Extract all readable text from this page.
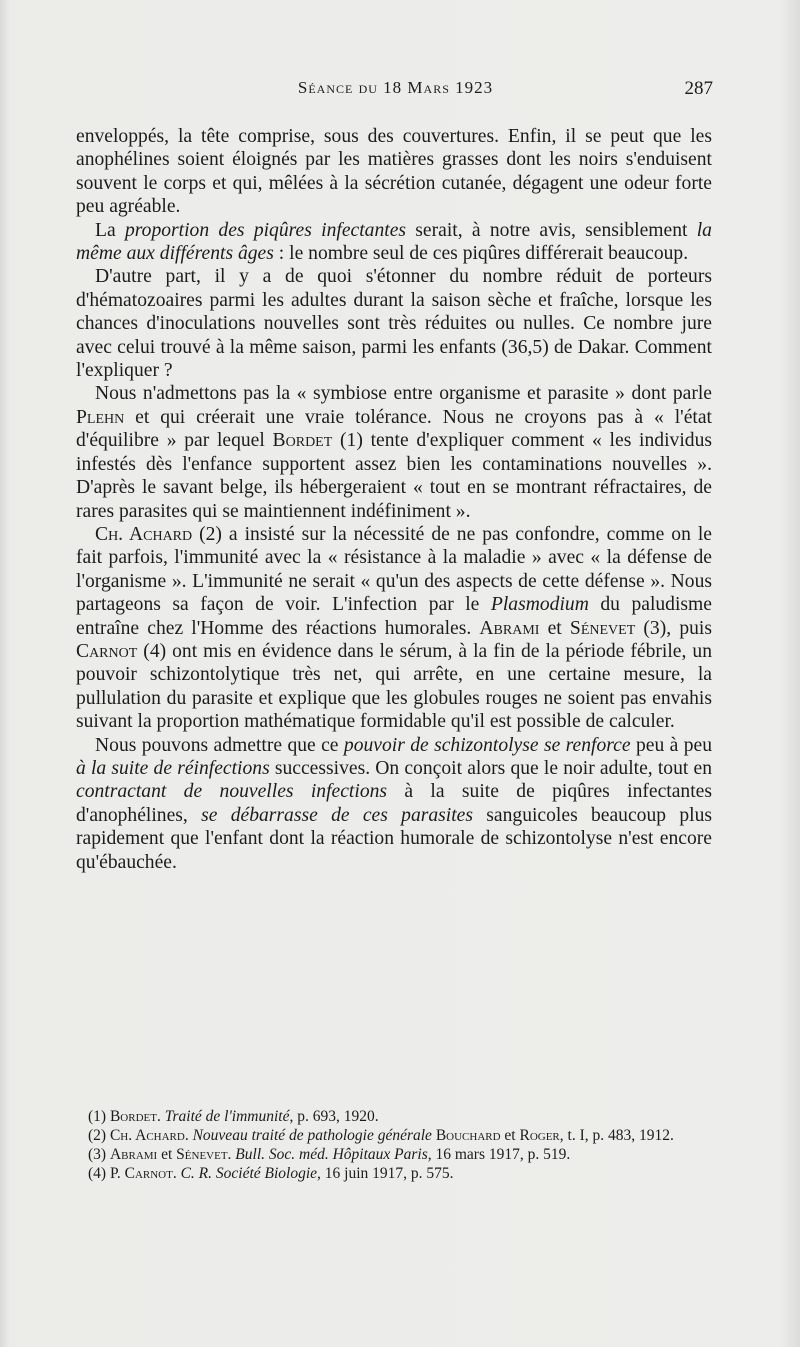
Séance du 18 Mars 1923	287

enveloppés, la tête comprise, sous des couvertures. Enfin, il se peut que les anophélines soient éloignés par les matières grasses dont les noirs s'enduisent souvent le corps et qui, mêlées à la sécrétion cutanée, dégagent une odeur forte peu agréable.

La proportion des piqûres infectantes serait, à notre avis, sensiblement la même aux différents âges : le nombre seul de ces piqûres différerait beaucoup.

D'autre part, il y a de quoi s'étonner du nombre réduit de porteurs d'hématozoaires parmi les adultes durant la saison sèche et fraîche, lorsque les chances d'inoculations nouvelles sont très réduites ou nulles. Ce nombre jure avec celui trouvé à la même saison, parmi les enfants (36,5) de Dakar. Comment l'expliquer ?

Nous n'admettons pas la « symbiose entre organisme et parasite » dont parle Plehn et qui créerait une vraie tolérance. Nous ne croyons pas à « l'état d'équilibre » par lequel Bordet (1) tente d'expliquer comment « les individus infestés dès l'enfance supportent assez bien les contaminations nouvelles ». D'après le savant belge, ils hébergeraient « tout en se montrant réfractaires, de rares parasites qui se maintiennent indéfiniment ».

Ch. Achard (2) a insisté sur la nécessité de ne pas confondre, comme on le fait parfois, l'immunité avec la « résistance à la maladie » avec « la défense de l'organisme ». L'immunité ne serait « qu'un des aspects de cette défense ». Nous partageons sa façon de voir. L'infection par le Plasmodium du paludisme entraîne chez l'Homme des réactions humorales. Abrami et Sénevet (3), puis Carnot (4) ont mis en évidence dans le sérum, à la fin de la période fébrile, un pouvoir schizontolytique très net, qui arrête, en une certaine mesure, la pullulation du parasite et explique que les globules rouges ne soient pas envahis suivant la proportion mathématique formidable qu'il est possible de calculer.

Nous pouvons admettre que ce pouvoir de schizontolyse se renforce peu à peu à la suite de réinfections successives. On conçoit alors que le noir adulte, tout en contractant de nouvelles infections à la suite de piqûres infectantes d'anophélines, se débarrasse de ces parasites sanguicoles beaucoup plus rapidement que l'enfant dont la réaction humorale de schizontolyse n'est encore qu'ébauchée.

(1) Bordet. Traité de l'immunité, p. 693, 1920.

(2) Ch. Achard. Nouveau traité de pathologie générale Bouchard et Roger, t. I, p. 483, 1912.

(3) Abrami et Sénevet. Bull. Soc. méd. Hôpitaux Paris, 16 mars 1917, p. 519.

(4) P. Carnot. C. R. Société Biologie, 16 juin 1917, p. 575.
